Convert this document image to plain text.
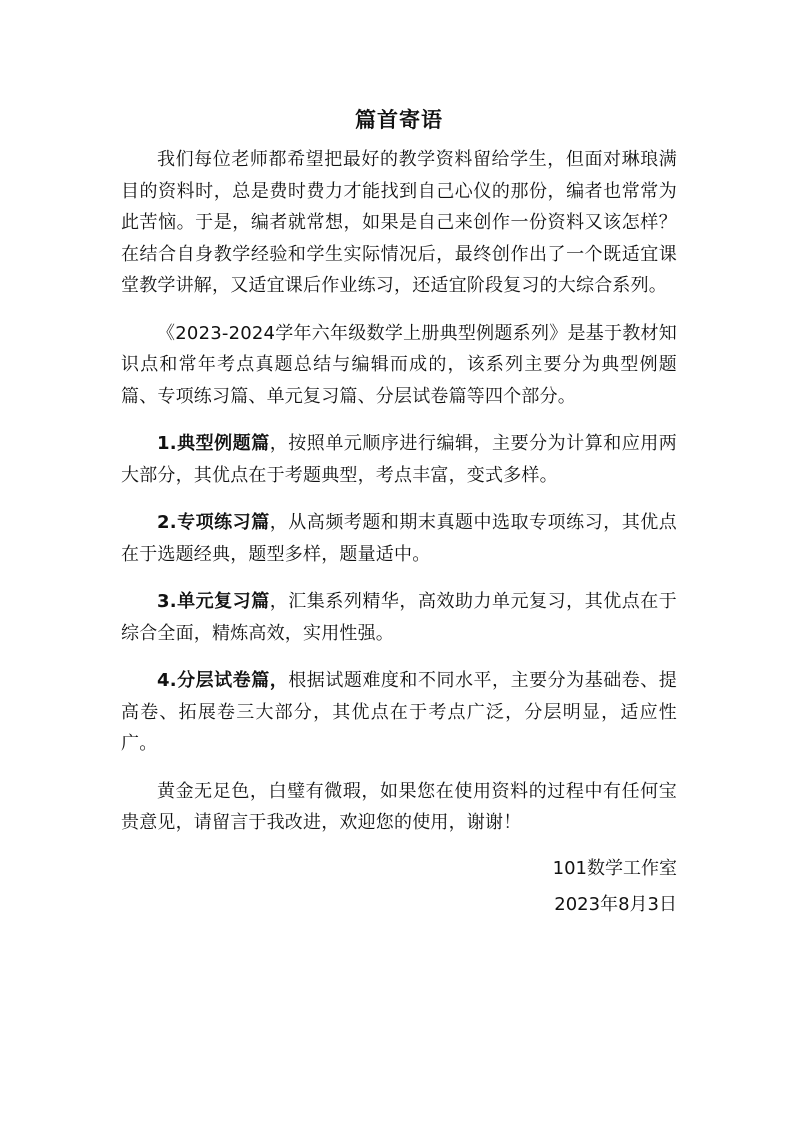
篇首寄语

我们每位老师都希望把最好的教学资料留给学生，但面对琳琅满目的资料时，总是费时费力才能找到自己心仪的那份，编者也常常为此苦恼。于是，编者就常想，如果是自己来创作一份资料又该怎样？在结合自身教学经验和学生实际情况后，最终创作出了一个既适宜课堂教学讲解，又适宜课后作业练习，还适宜阶段复习的大综合系列。

《2023-2024学年六年级数学上册典型例题系列》是基于教材知识点和常年考点真题总结与编辑而成的，该系列主要分为典型例题篇、专项练习篇、单元复习篇、分层试卷篇等四个部分。

1.典型例题篇，按照单元顺序进行编辑，主要分为计算和应用两大部分，其优点在于考题典型，考点丰富，变式多样。

2.专项练习篇，从高频考题和期末真题中选取专项练习，其优点在于选题经典，题型多样，题量适中。

3.单元复习篇，汇集系列精华，高效助力单元复习，其优点在于综合全面，精炼高效，实用性强。

4.分层试卷篇，根据试题难度和不同水平，主要分为基础卷、提高卷、拓展卷三大部分，其优点在于考点广泛，分层明显，适应性广。

黄金无足色，白璧有微瑕，如果您在使用资料的过程中有任何宝贵意见，请留言于我改进，欢迎您的使用，谢谢！

101数学工作室
2023年8月3日
